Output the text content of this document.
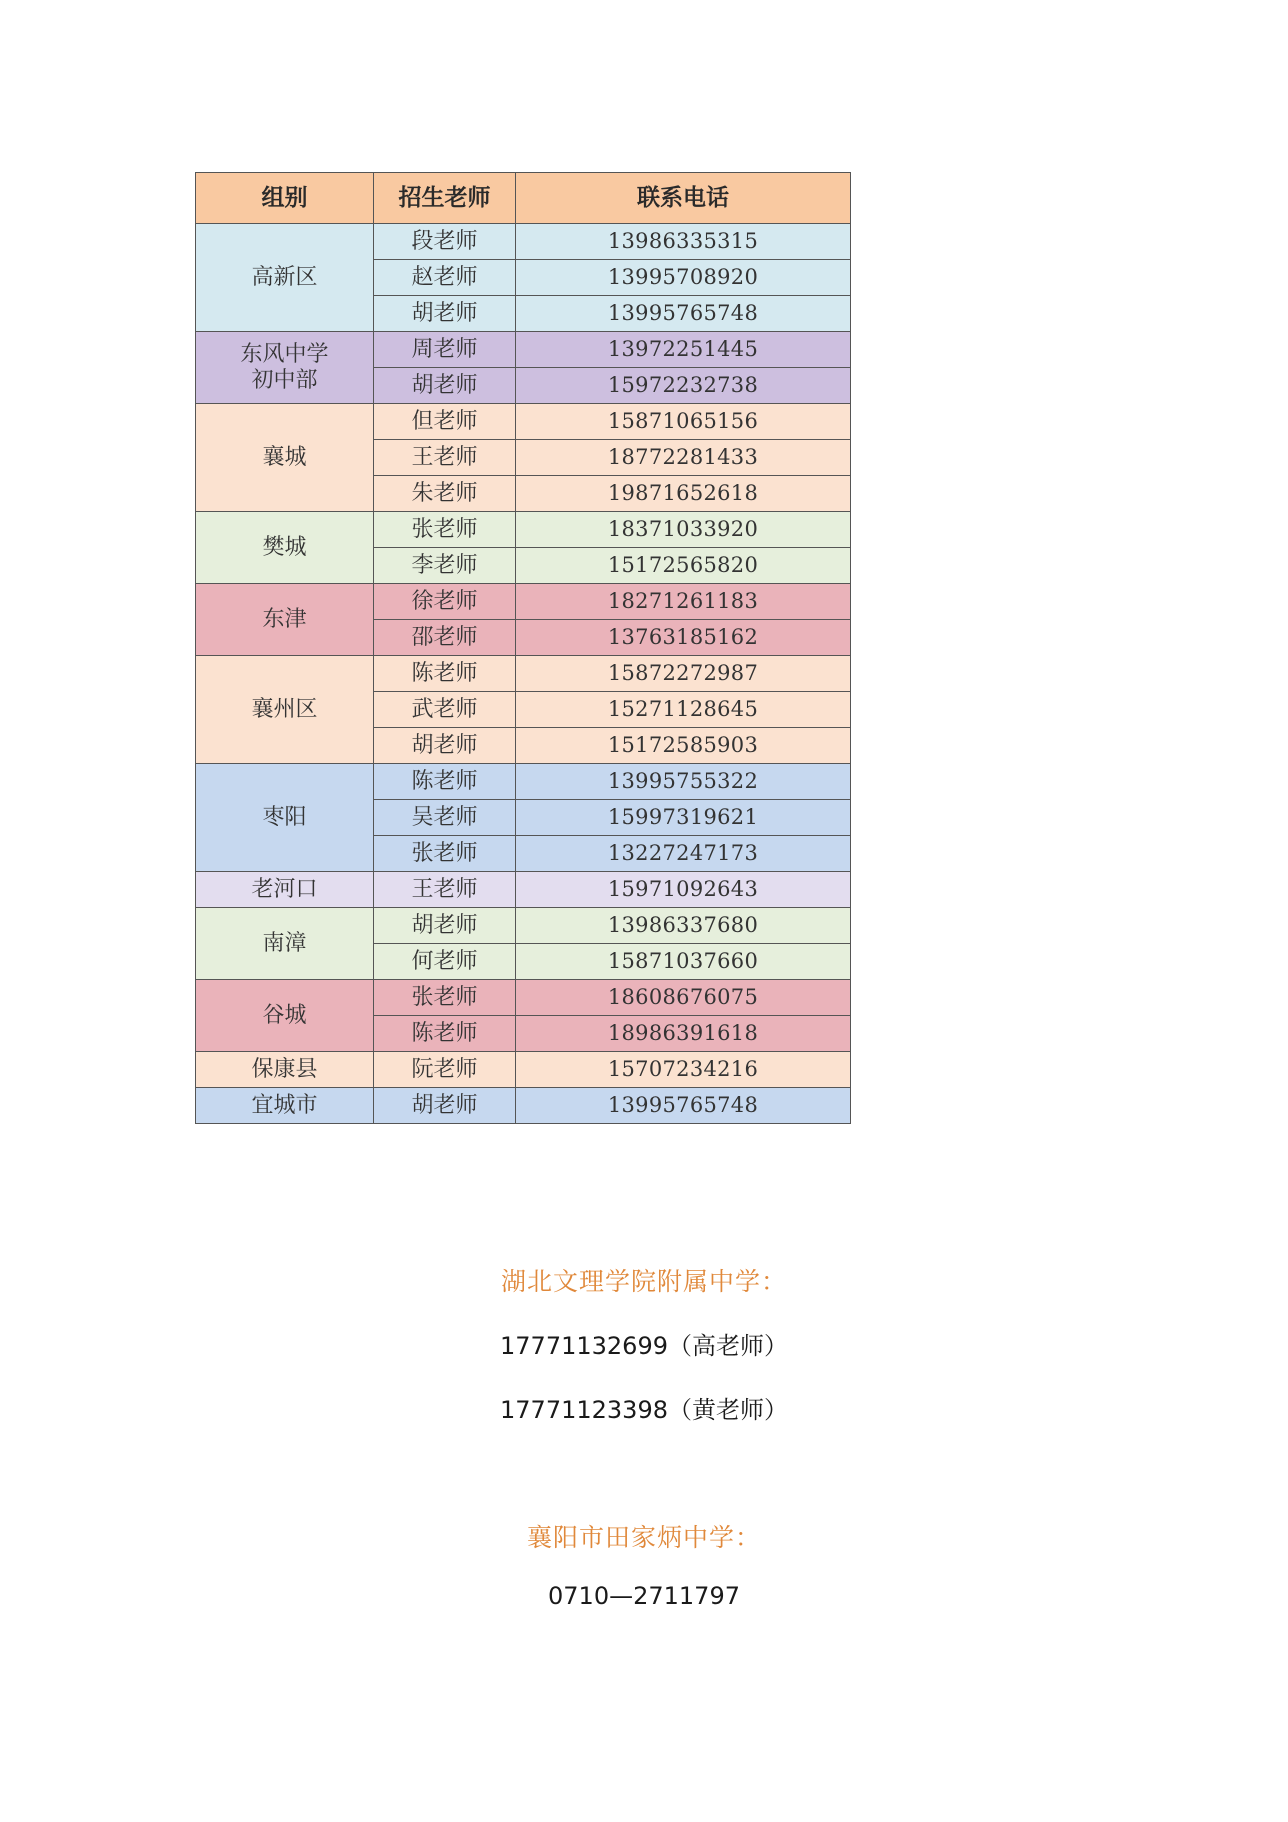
组别	招生老师	联系电话
高新区	段老师	13986335315
	赵老师	13995708920
	胡老师	13995765748
东风中学
初中部	周老师	13972251445
	胡老师	15972232738
襄城	但老师	15871065156
	王老师	18772281433
	朱老师	19871652618
樊城	张老师	18371033920
	李老师	15172565820
东津	徐老师	18271261183
	邵老师	13763185162
襄州区	陈老师	15872272987
	武老师	15271128645
	胡老师	15172585903
枣阳	陈老师	13995755322
	吴老师	15997319621
	张老师	13227247173
老河口	王老师	15971092643
南漳	胡老师	13986337680
	何老师	15871037660
谷城	张老师	18608676075
	陈老师	18986391618
保康县	阮老师	15707234216
宜城市	胡老师	13995765748
湖北文理学院附属中学：
17771132699（高老师）
17771123398（黄老师）
襄阳市田家炳中学：
0710—2711797
